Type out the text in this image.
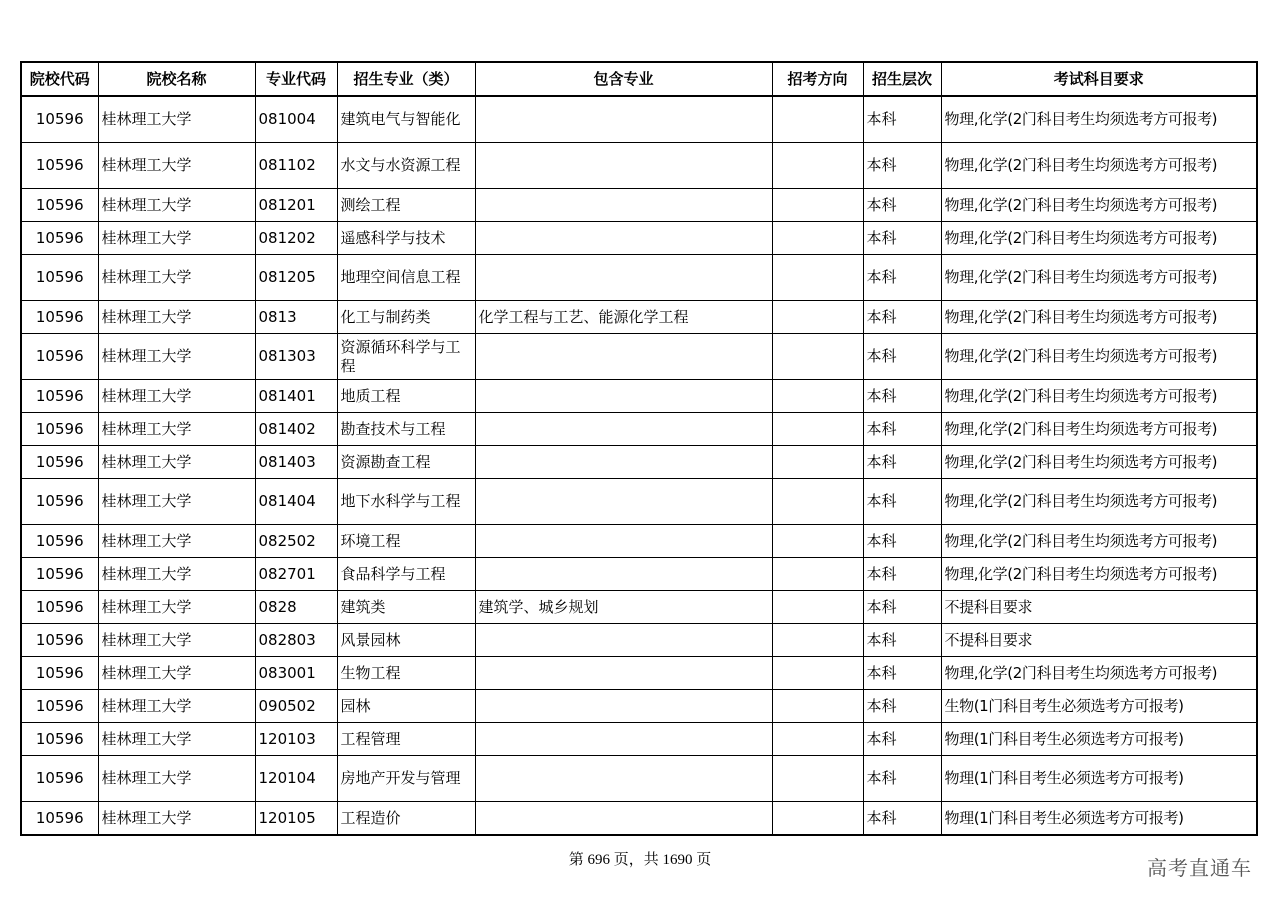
院校代码	院校名称	专业代码	招生专业（类）	包含专业	招考方向	招生层次	考试科目要求
10596	桂林理工大学	081004	建筑电气与智能化			本科	物理,化学(2门科目考生均须选考方可报考)
10596	桂林理工大学	081102	水文与水资源工程			本科	物理,化学(2门科目考生均须选考方可报考)
10596	桂林理工大学	081201	测绘工程			本科	物理,化学(2门科目考生均须选考方可报考)
10596	桂林理工大学	081202	遥感科学与技术			本科	物理,化学(2门科目考生均须选考方可报考)
10596	桂林理工大学	081205	地理空间信息工程			本科	物理,化学(2门科目考生均须选考方可报考)
10596	桂林理工大学	0813	化工与制药类	化学工程与工艺、能源化学工程		本科	物理,化学(2门科目考生均须选考方可报考)
10596	桂林理工大学	081303	资源循环科学与工程			本科	物理,化学(2门科目考生均须选考方可报考)
10596	桂林理工大学	081401	地质工程			本科	物理,化学(2门科目考生均须选考方可报考)
10596	桂林理工大学	081402	勘查技术与工程			本科	物理,化学(2门科目考生均须选考方可报考)
10596	桂林理工大学	081403	资源勘查工程			本科	物理,化学(2门科目考生均须选考方可报考)
10596	桂林理工大学	081404	地下水科学与工程			本科	物理,化学(2门科目考生均须选考方可报考)
10596	桂林理工大学	082502	环境工程			本科	物理,化学(2门科目考生均须选考方可报考)
10596	桂林理工大学	082701	食品科学与工程			本科	物理,化学(2门科目考生均须选考方可报考)
10596	桂林理工大学	0828	建筑类	建筑学、城乡规划		本科	不提科目要求
10596	桂林理工大学	082803	风景园林			本科	不提科目要求
10596	桂林理工大学	083001	生物工程			本科	物理,化学(2门科目考生均须选考方可报考)
10596	桂林理工大学	090502	园林			本科	生物(1门科目考生必须选考方可报考)
10596	桂林理工大学	120103	工程管理			本科	物理(1门科目考生必须选考方可报考)
10596	桂林理工大学	120104	房地产开发与管理			本科	物理(1门科目考生必须选考方可报考)
10596	桂林理工大学	120105	工程造价			本科	物理(1门科目考生必须选考方可报考)
第 696 页，共 1690 页	高考直通车
